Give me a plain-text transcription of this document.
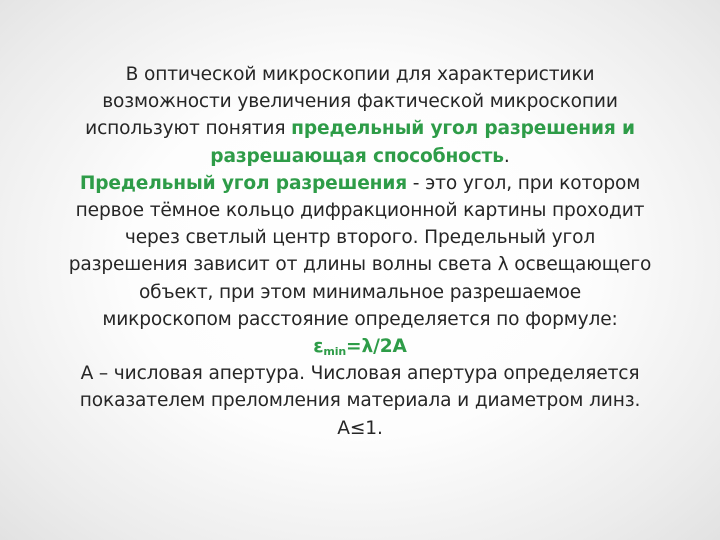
В оптической микроскопии для характеристики
возможности увеличения фактической микроскопии
используют понятия предельный угол разрешения и
разрешающая способность.
Предельный угол разрешения - это угол, при котором
первое тёмное кольцо дифракционной картины проходит
через светлый центр второго. Предельный угол
разрешения зависит от длины волны света λ освещающего
объект, при этом минимальное разрешаемое
микроскопом расстояние определяется по формуле:
$\varepsilon_{min}=\lambda/2А$
А – числовая апертура. Числовая апертура определяется
показателем преломления материала и диаметром линз.
А≤1.
